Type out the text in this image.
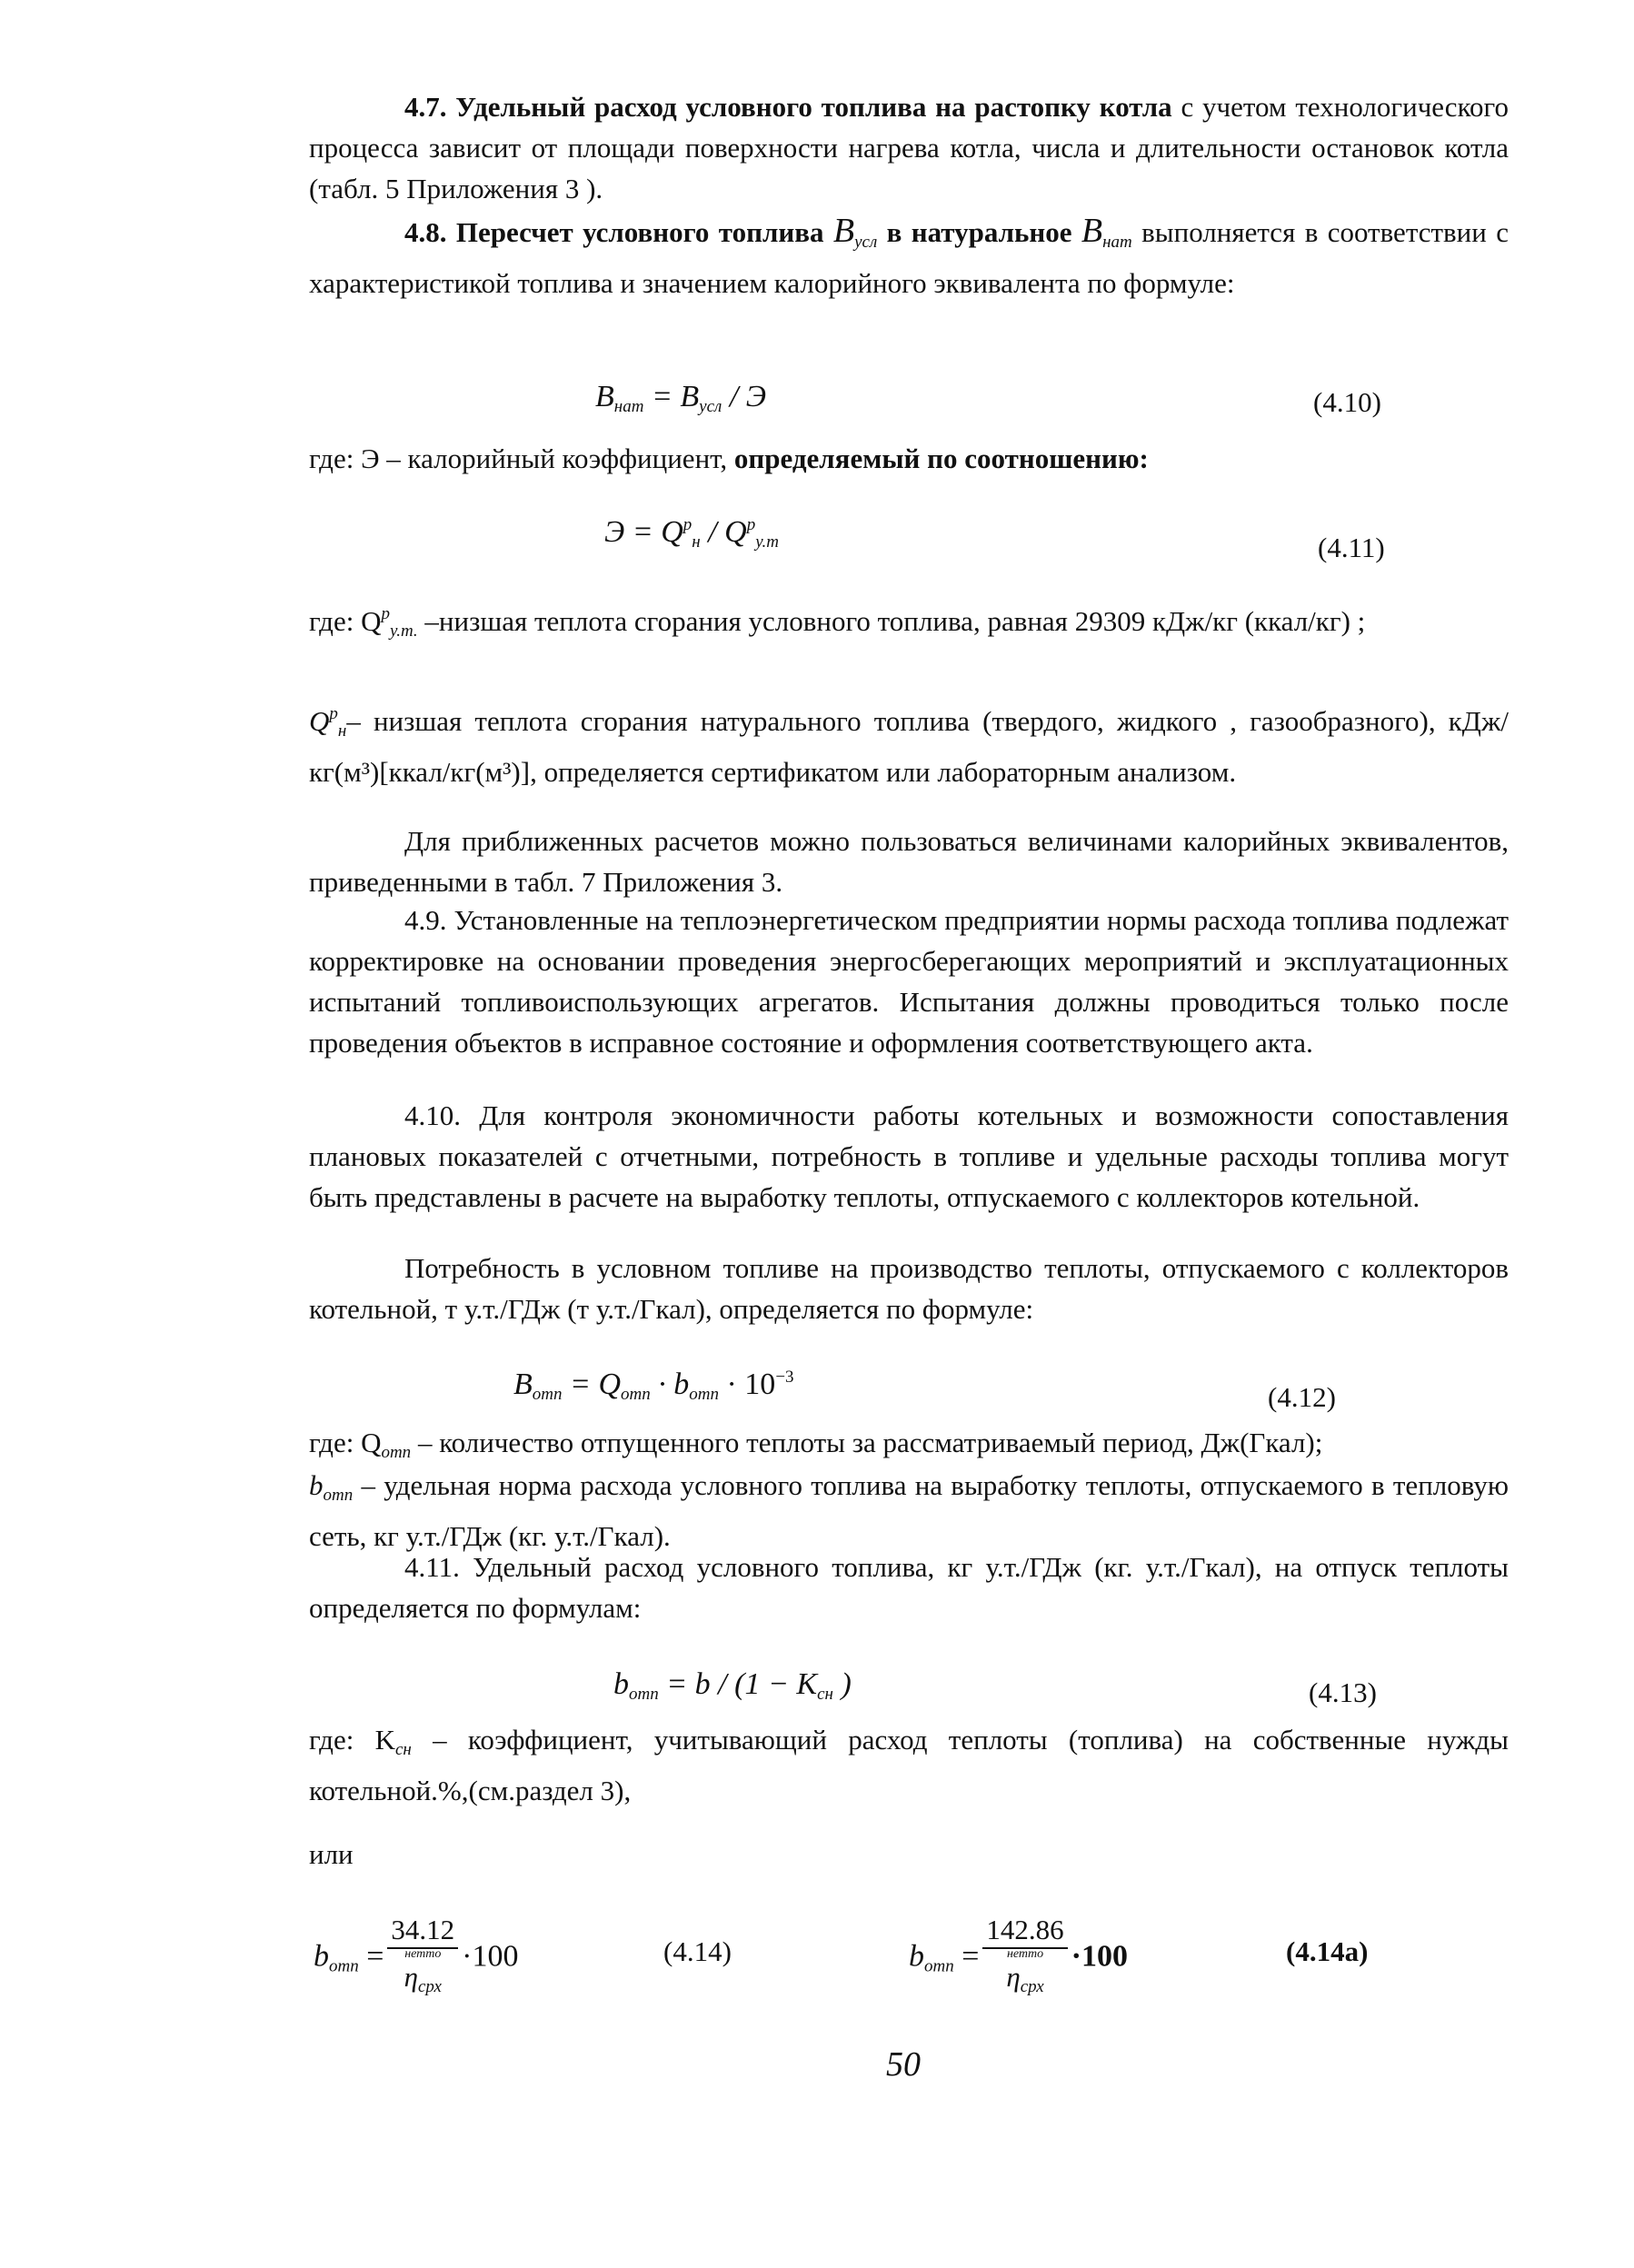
4.7. Удельный расход условного топлива на растопку котла с учетом технологического процесса зависит от площади поверхности нагрева котла, числа и длительности остановок котла (табл. 5 Приложения 3 ).

4.8. Пересчет условного топлива Bусл в натуральное Bнат выполняется в соответствии с характеристикой топлива и значением калорийного эквивалента по формуле:

Bнат = Bусл / Э	(4.10)

где: Э – калорийный коэффициент, определяемый по соотношению:

$Э = Q^рн / Q^ру.т$	(4.11)

где: $Q^ру.т$. –низшая теплота сгорания условного топлива, равная 29309 кДж/кг (ккал/кг) ;

$Q^рн-$ низшая теплота сгорания натурального топлива (твердого, жидкого , газообразного), кДж/кг(м³)[ккал/кг(м³)], определяется сертификатом или лабораторным анализом.

Для приближенных расчетов можно пользоваться величинами калорийных эквивалентов, приведенными в табл. 7 Приложения 3.

4.9. Установленные на теплоэнергетическом предприятии нормы расхода топлива подлежат корректировке на основании проведения энергосберегающих мероприятий и эксплуатационных испытаний топливоиспользующих агрегатов. Испытания должны проводиться только после проведения объектов в исправное состояние и оформления соответствующего акта.

4.10. Для контроля экономичности работы котельных и возможности сопоставления плановых показателей с отчетными, потребность в топливе и удельные расходы топлива могут быть представлены в расчете на выработку теплоты, отпускаемого с коллекторов котельной.

Потребность в условном топливе на производство теплоты, отпускаемого с коллекторов котельной, т у.т./ГДж (т у.т./Гкал), определяется по формуле:

Bотп = Qотп · bотп · $10^{-3}$
(4.12)

где: Qотп – количество отпущенного теплоты за рассматриваемый период, Дж(Гкал);

bотп – удельная норма расхода условного топлива на выработку теплоты, отпускаемого в тепловую сеть, кг у.т./ГДж (кг. у.т./Гкал).

4.11. Удельный расход условного топлива, кг у.т./ГДж (кг. у.т./Гкал), на отпуск теплоты определяется по формулам:

bотп = b / (1 − Kсн )	(4.13)

где: Kсн – коэффициент, учитывающий расход теплоты (топлива) на собственные нужды котельной.%,(см.раздел 3),

или

bотп = 34.12
нетто
ηсрх ·100	(4.14)	bотп = 142.86
нетто
ηсрх ·100	(4.14а)
50
